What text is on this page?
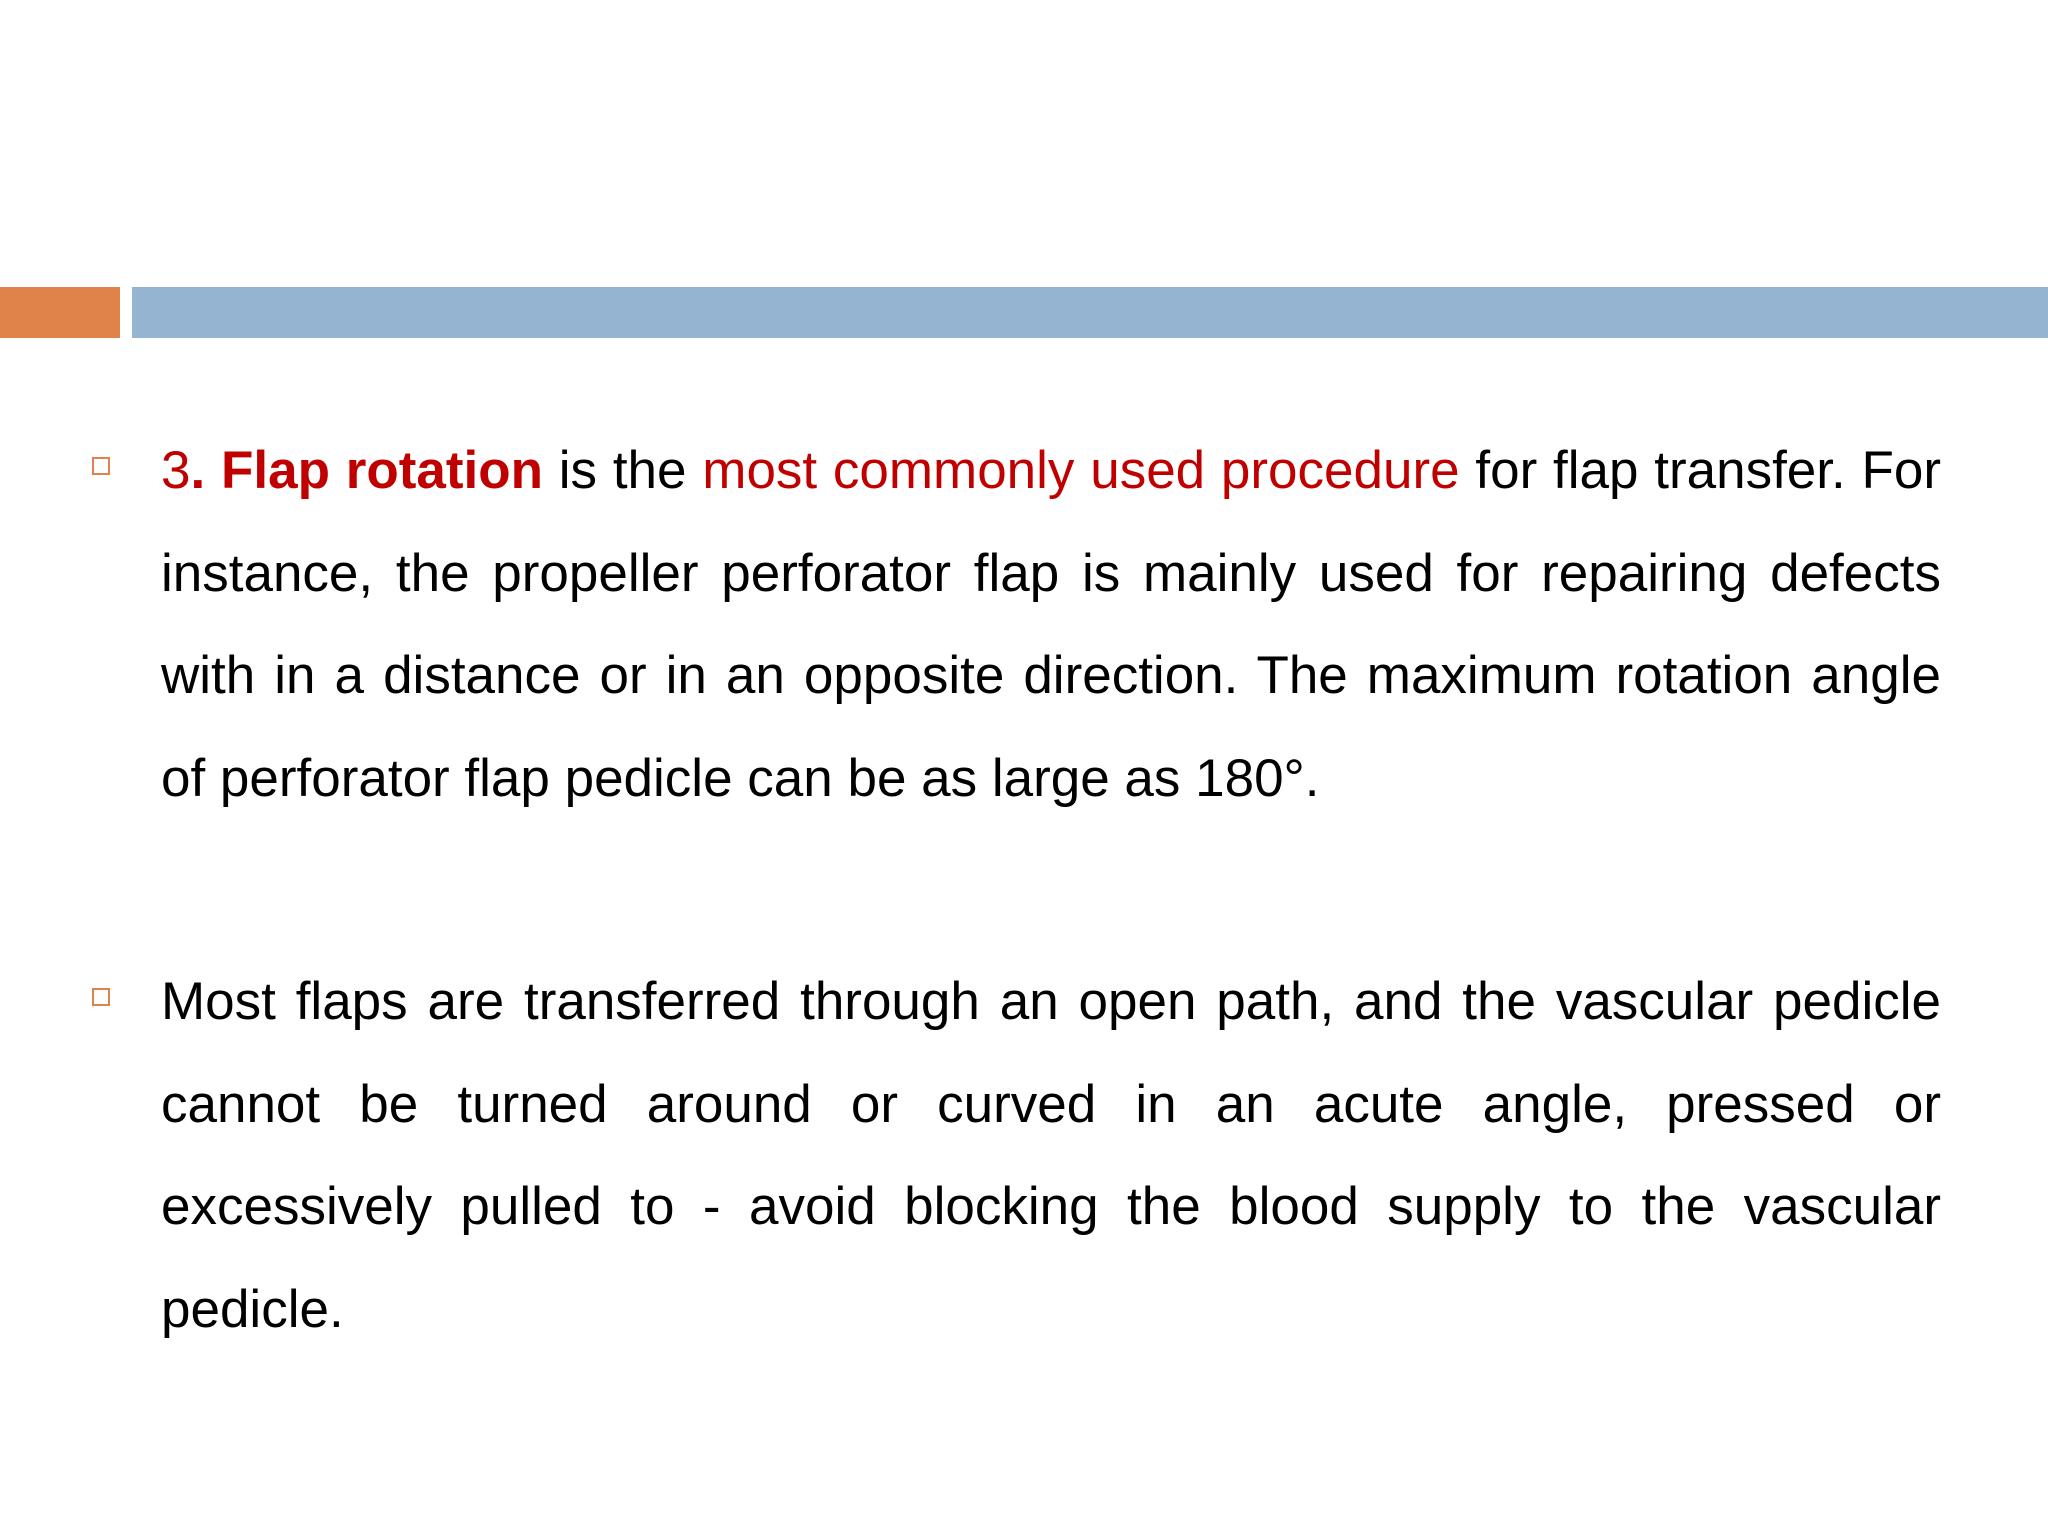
3. Flap rotation is the most commonly used procedure for flap transfer. For instance, the propeller perforator flap is mainly used for repairing defects with in a distance or in an opposite direction. The maximum rotation angle of perforator flap pedicle can be as large as 180°.

Most flaps are transferred through an open path, and the vascular pedicle cannot be turned around or curved in an acute angle, pressed or excessively pulled to - avoid blocking the blood supply to the vascular pedicle.
